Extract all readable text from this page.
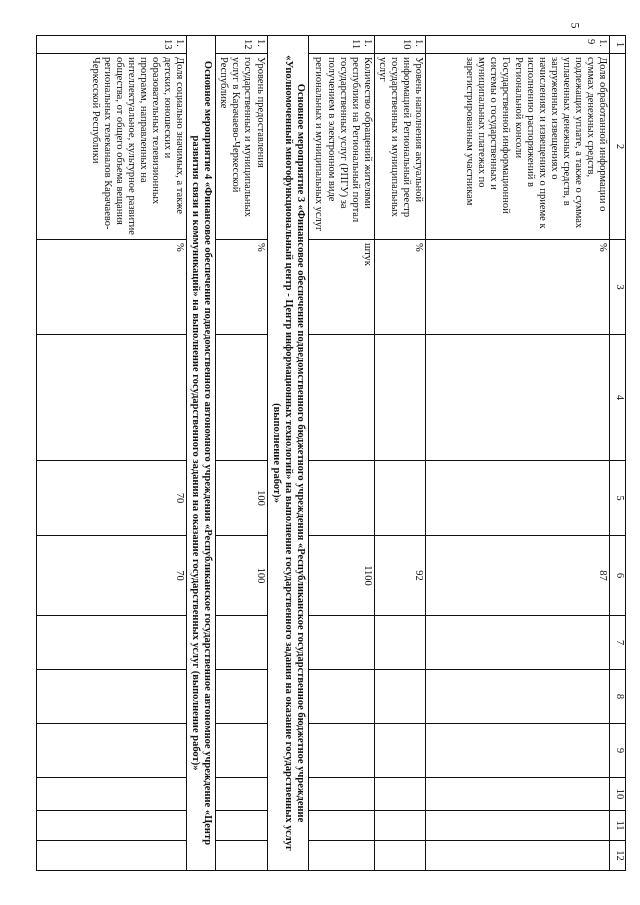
5
1	2	3	4	5	6	7	8	9	10	11	12
1.9	Доля обработанной информации о суммах денежных средств, подлежащих уплате, а также о суммах уплаченных денежных средств, в загруженных извещениях о начислениях и извещениях о приеме к исполнению распоряжений в Региональной консоли Государственной информационной системы о государственных и муниципальных платежах по зарегистрированным участникам	%			87						
1.10	Уровень наполнения актуальной информацией Региональный реестр государственных и муниципальных услуг	%			92						
1.11	Количество обращений жителями республики на Региональный портал государственных услуг (РПГУ) за получением в электронном виде региональных и муниципальных услуг	штук			1100						
Основное мероприятие 3 «Финансовое обеспечение подведомственного бюджетного учреждения «Республиканское государственное бюджетное учреждение «Уполномоченный многофункциональный центр - Центр информационных технологий» на выполнение государственного задания на оказание государственных услуг (выполнение работ)»											
1.12	Уровень предоставления государственных и муниципальных услуг в Карачаево-Черкесской Республике	%		100	100						
Основное мероприятие 4 «Финансовое обеспечение подведомственного автономного учреждения «Республиканское государственное автономное учреждение «Центр развития связи и коммуникаций» на выполнение государственного задания на оказание государственных услуг (выполнение работ)»											
1.13	Доля социально значимых, а также детских, юношеских и образовательных телевизионных программ, направленных на интеллектуальное, культурное развитие общества, от общего объема вещания региональных телеканалов Карачаево-Черкесской Республики	%		70	70						
